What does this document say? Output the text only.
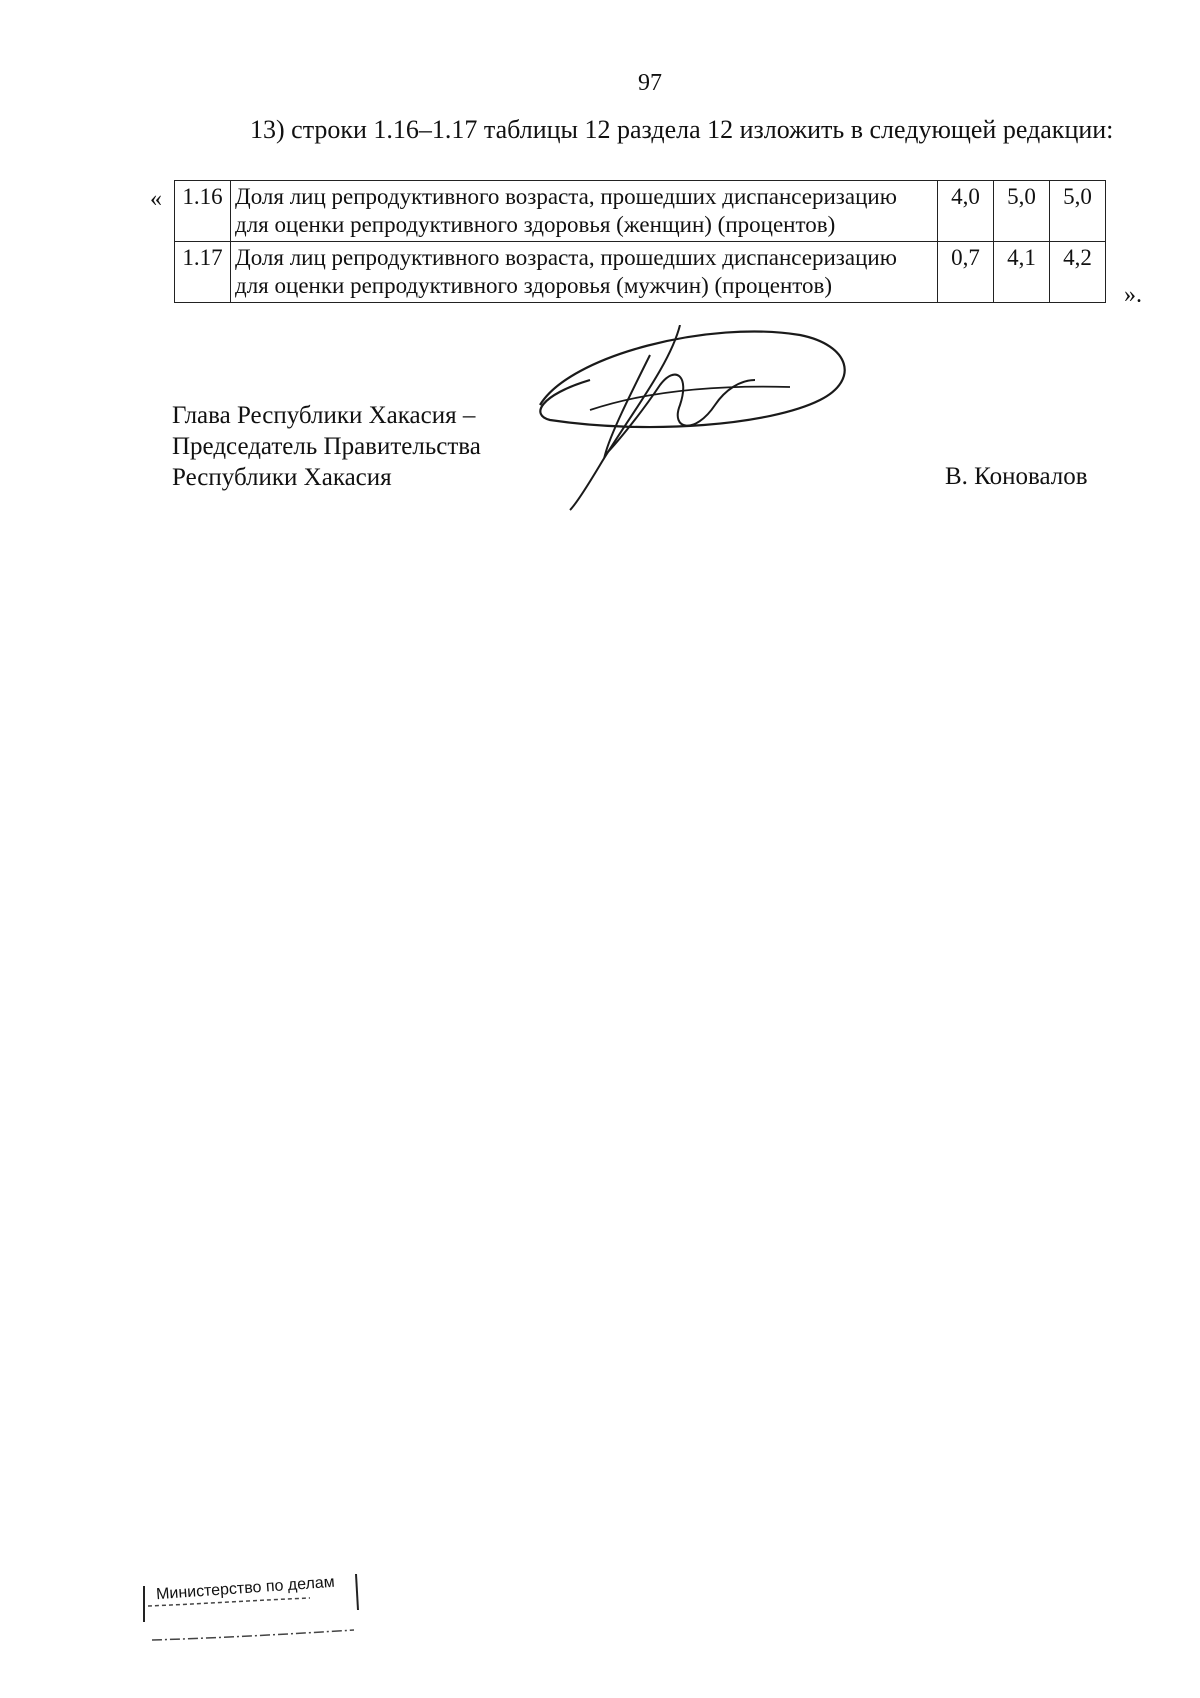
97
13) строки 1.16–1.17 таблицы 12 раздела 12 изложить в следующей редакции:
« 1.16	Доля лиц репродуктивного возраста, прошедших диспансеризацию
для оценки репродуктивного здоровья (женщин) (процентов)	4,0	5,0	5,0
1.17	Доля лиц репродуктивного возраста, прошедших диспансеризацию
для оценки репродуктивного здоровья (мужчин) (процентов)	0,7	4,1	4,2
».
Глава Республики Хакасия –
Председатель Правительства
Республики Хакасия	В. Коновалов
Министерство по делам
